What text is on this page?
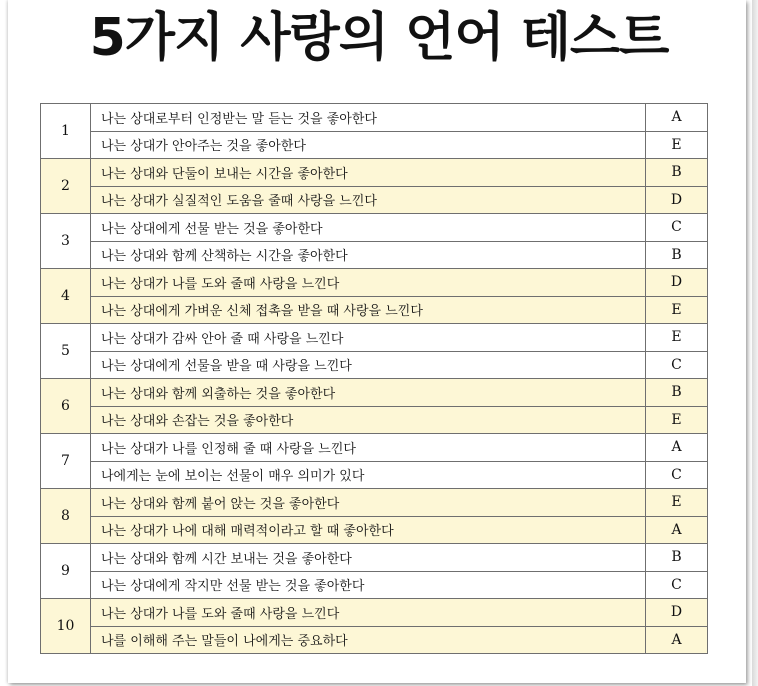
5가지 사랑의 언어 테스트
1	나는 상대로부터 인정받는 말 듣는 것을 좋아한다	A
	나는 상대가 안아주는 것을 좋아한다	E
2	나는 상대와 단둘이 보내는 시간을 좋아한다	B
	나는 상대가 실질적인 도움을 줄때 사랑을 느낀다	D
3	나는 상대에게 선물 받는 것을 좋아한다	C
	나는 상대와 함께 산책하는 시간을 좋아한다	B
4	나는 상대가 나를 도와 줄때 사랑을 느낀다	D
	나는 상대에게 가벼운 신체 접촉을 받을 때 사랑을 느낀다	E
5	나는 상대가 감싸 안아 줄 때 사랑을 느낀다	E
	나는 상대에게 선물을 받을 때 사랑을 느낀다	C
6	나는 상대와 함께 외출하는 것을 좋아한다	B
	나는 상대와 손잡는 것을 좋아한다	E
7	나는 상대가 나를 인정해 줄 때 사랑을 느낀다	A
	나에게는 눈에 보이는 선물이 매우 의미가 있다	C
8	나는 상대와 함께 붙어 앉는 것을 좋아한다	E
	나는 상대가 나에 대해 매력적이라고 할 때 좋아한다	A
9	나는 상대와 함께 시간 보내는 것을 좋아한다	B
	나는 상대에게 작지만 선물 받는 것을 좋아한다	C
10	나는 상대가 나를 도와 줄때 사랑을 느낀다	D
	나를 이해해 주는 말들이 나에게는 중요하다	A
